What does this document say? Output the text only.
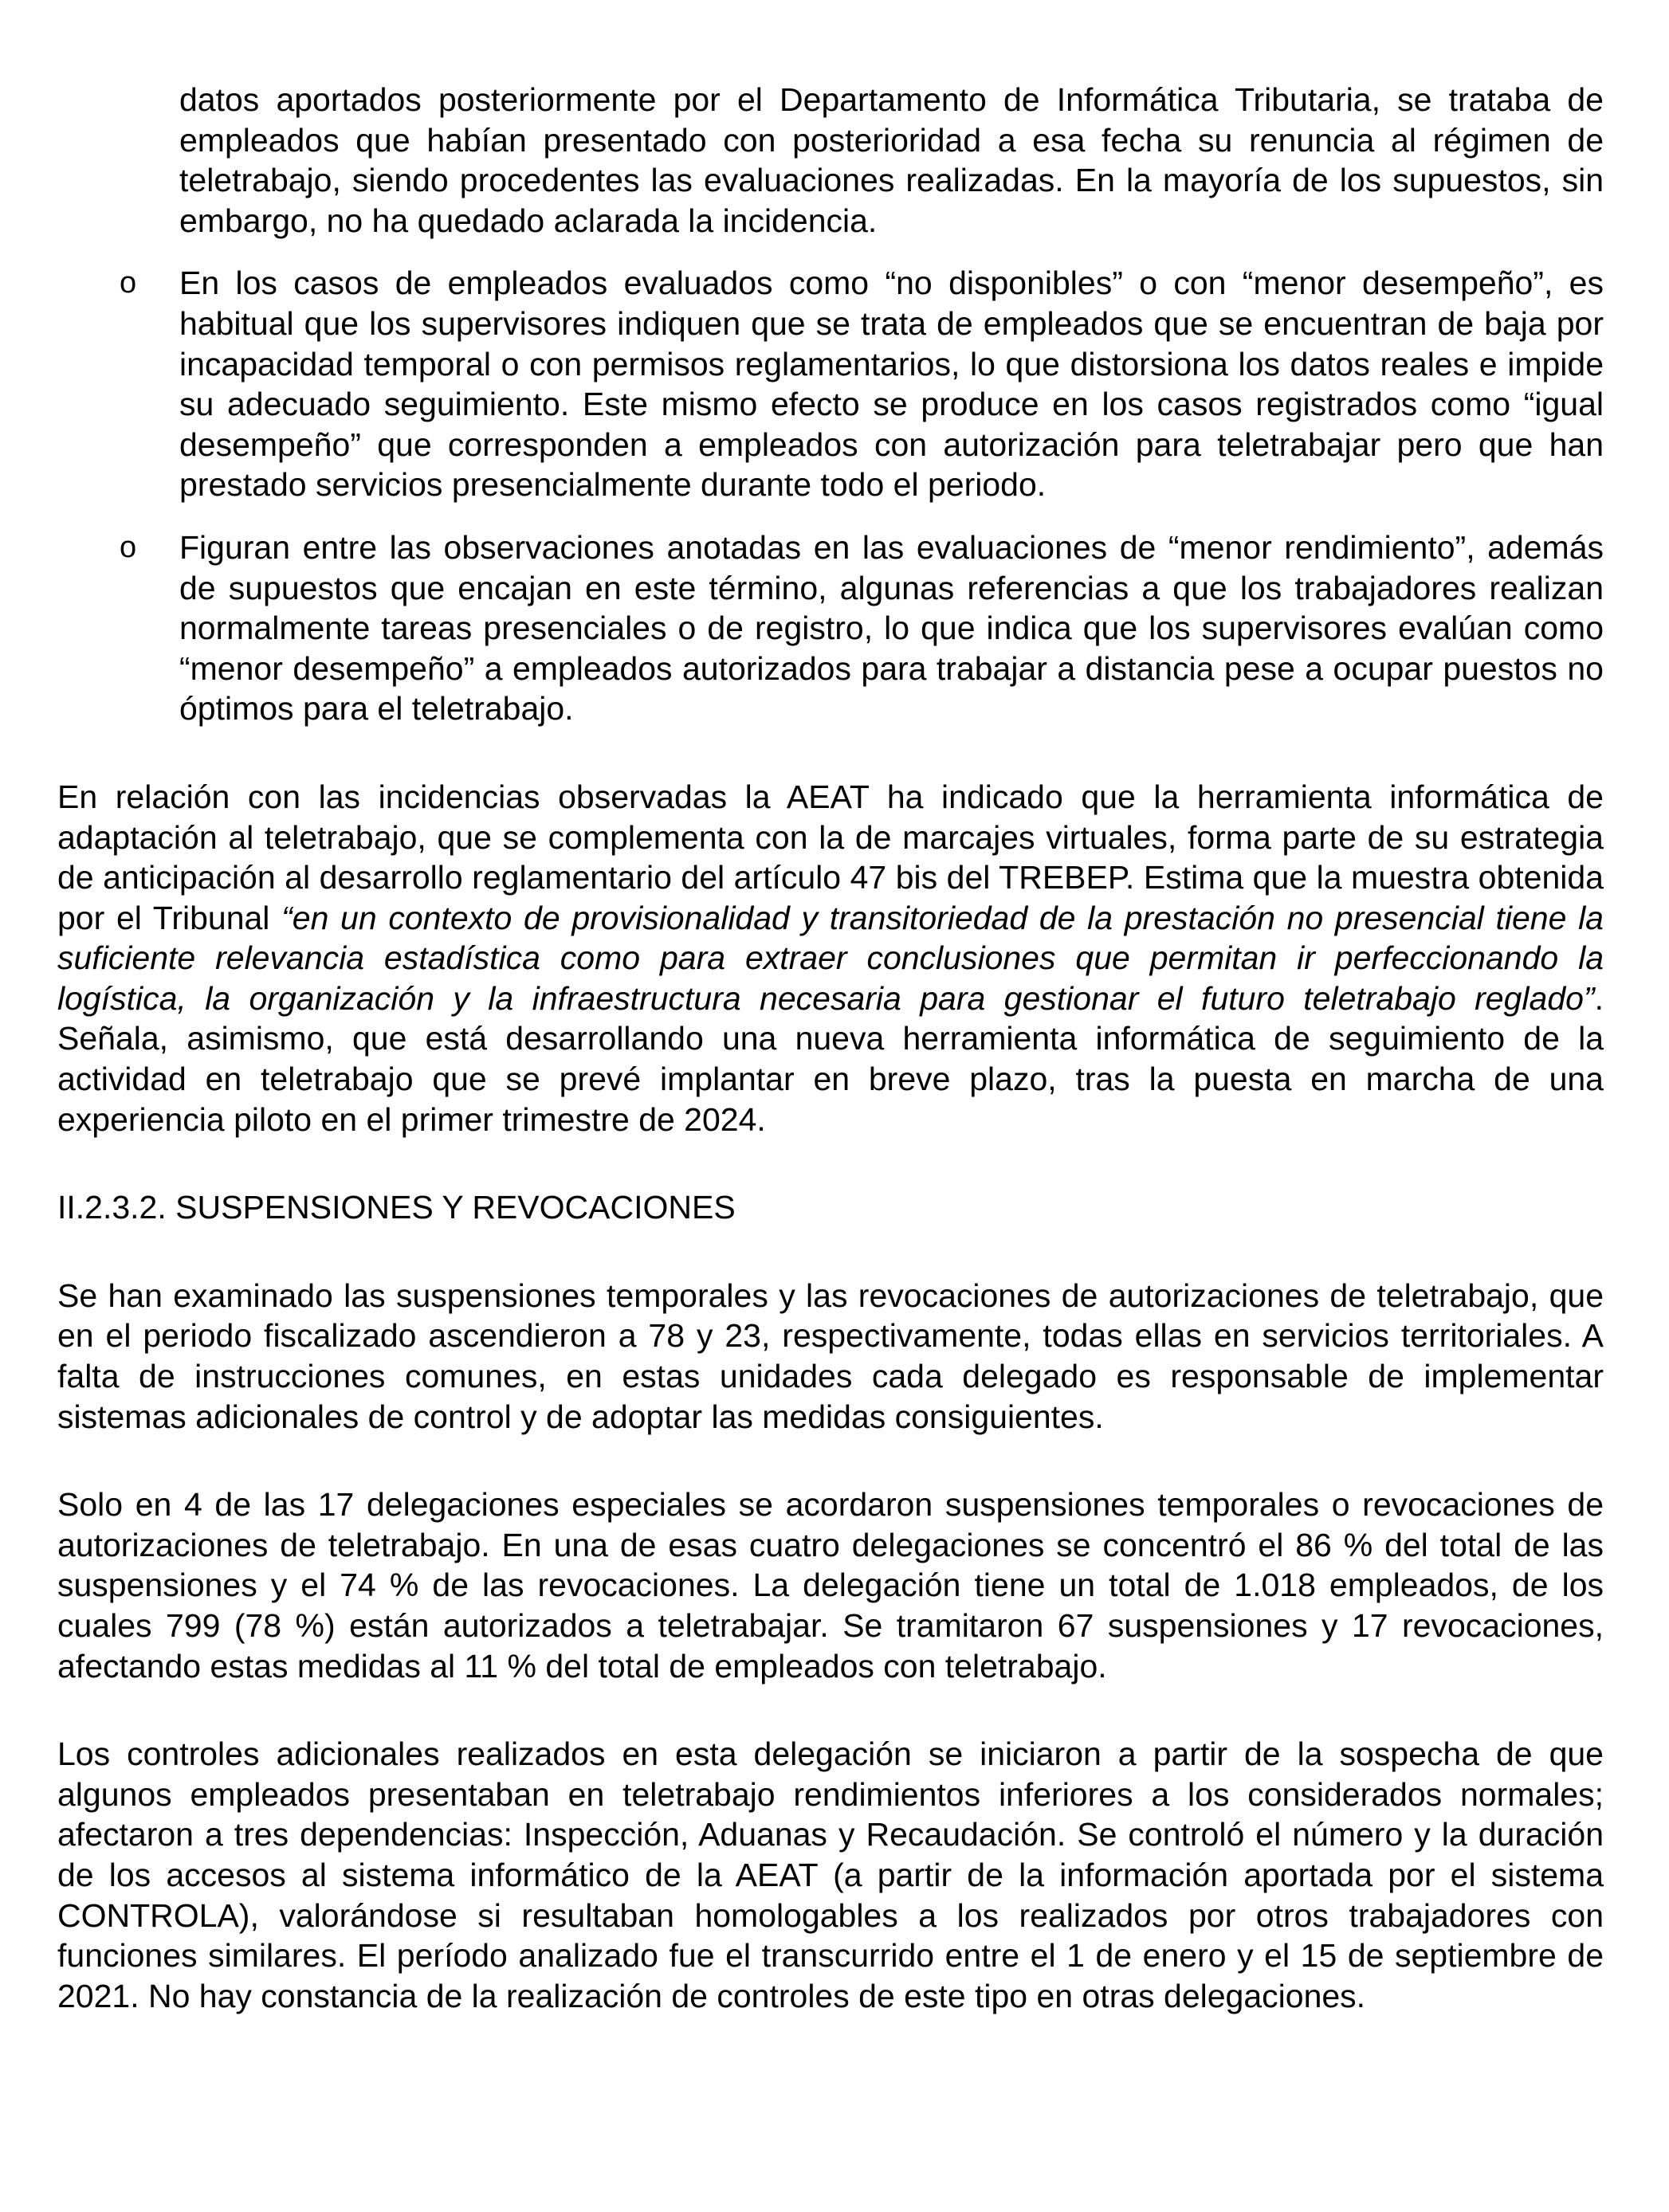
datos aportados posteriormente por el Departamento de Informática Tributaria, se trataba de empleados que habían presentado con posterioridad a esa fecha su renuncia al régimen de teletrabajo, siendo procedentes las evaluaciones realizadas. En la mayoría de los supuestos, sin embargo, no ha quedado aclarada la incidencia.

o En los casos de empleados evaluados como “no disponibles” o con “menor desempeño”, es habitual que los supervisores indiquen que se trata de empleados que se encuentran de baja por incapacidad temporal o con permisos reglamentarios, lo que distorsiona los datos reales e impide su adecuado seguimiento. Este mismo efecto se produce en los casos registrados como “igual desempeño” que corresponden a empleados con autorización para teletrabajar pero que han prestado servicios presencialmente durante todo el periodo.

o Figuran entre las observaciones anotadas en las evaluaciones de “menor rendimiento”, además de supuestos que encajan en este término, algunas referencias a que los trabajadores realizan normalmente tareas presenciales o de registro, lo que indica que los supervisores evalúan como “menor desempeño” a empleados autorizados para trabajar a distancia pese a ocupar puestos no óptimos para el teletrabajo.

En relación con las incidencias observadas la AEAT ha indicado que la herramienta informática de adaptación al teletrabajo, que se complementa con la de marcajes virtuales, forma parte de su estrategia de anticipación al desarrollo reglamentario del artículo 47 bis del TREBEP. Estima que la muestra obtenida por el Tribunal “en un contexto de provisionalidad y transitoriedad de la prestación no presencial tiene la suficiente relevancia estadística como para extraer conclusiones que permitan ir perfeccionando la logística, la organización y la infraestructura necesaria para gestionar el futuro teletrabajo reglado”. Señala, asimismo, que está desarrollando una nueva herramienta informática de seguimiento de la actividad en teletrabajo que se prevé implantar en breve plazo, tras la puesta en marcha de una experiencia piloto en el primer trimestre de 2024.

II.2.3.2. SUSPENSIONES Y REVOCACIONES

Se han examinado las suspensiones temporales y las revocaciones de autorizaciones de teletrabajo, que en el periodo fiscalizado ascendieron a 78 y 23, respectivamente, todas ellas en servicios territoriales. A falta de instrucciones comunes, en estas unidades cada delegado es responsable de implementar sistemas adicionales de control y de adoptar las medidas consiguientes.

Solo en 4 de las 17 delegaciones especiales se acordaron suspensiones temporales o revocaciones de autorizaciones de teletrabajo. En una de esas cuatro delegaciones se concentró el 86 % del total de las suspensiones y el 74 % de las revocaciones. La delegación tiene un total de 1.018 empleados, de los cuales 799 (78 %) están autorizados a teletrabajar. Se tramitaron 67 suspensiones y 17 revocaciones, afectando estas medidas al 11 % del total de empleados con teletrabajo.

Los controles adicionales realizados en esta delegación se iniciaron a partir de la sospecha de que algunos empleados presentaban en teletrabajo rendimientos inferiores a los considerados normales; afectaron a tres dependencias: Inspección, Aduanas y Recaudación. Se controló el número y la duración de los accesos al sistema informático de la AEAT (a partir de la información aportada por el sistema CONTROLA), valorándose si resultaban homologables a los realizados por otros trabajadores con funciones similares. El período analizado fue el transcurrido entre el 1 de enero y el 15 de septiembre de 2021. No hay constancia de la realización de controles de este tipo en otras delegaciones.
